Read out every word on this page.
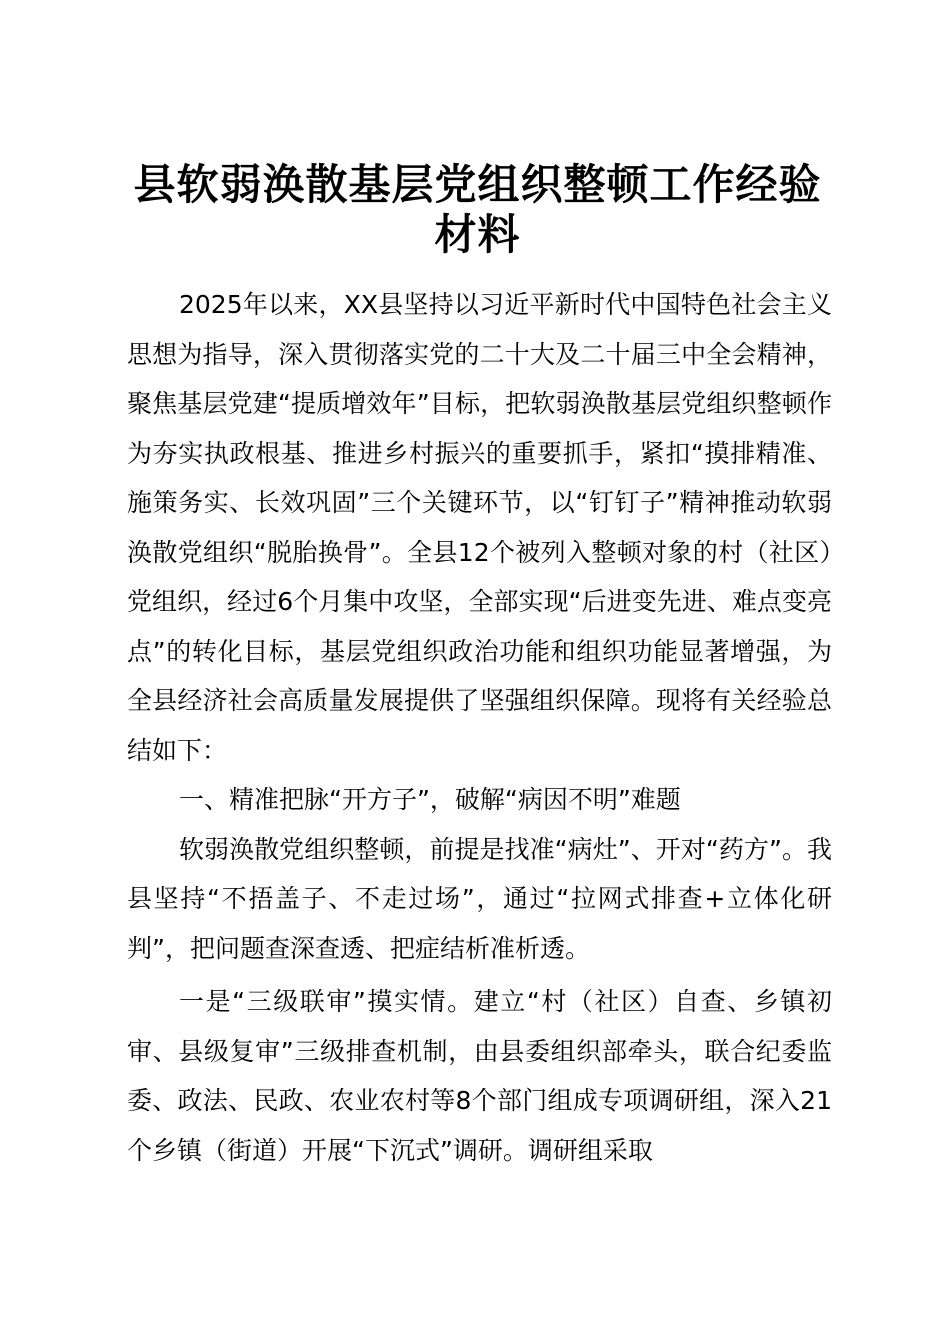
县软弱涣散基层党组织整顿工作经验材料

2025年以来，XX县坚持以习近平新时代中国特色社会主义思想为指导，深入贯彻落实党的二十大及二十届三中全会精神，聚焦基层党建“提质增效年”目标，把软弱涣散基层党组织整顿作为夯实执政根基、推进乡村振兴的重要抓手，紧扣“摸排精准、施策务实、长效巩固”三个关键环节，以“钉钉子”精神推动软弱涣散党组织“脱胎换骨”。全县12个被列入整顿对象的村（社区）党组织，经过6个月集中攻坚，全部实现“后进变先进、难点变亮点”的转化目标，基层党组织政治功能和组织功能显著增强，为全县经济社会高质量发展提供了坚强组织保障。现将有关经验总结如下：

一、精准把脉“开方子”，破解“病因不明”难题

软弱涣散党组织整顿，前提是找准“病灶”、开对“药方”。我县坚持“不捂盖子、不走过场”，通过“拉网式排查+立体化研判”，把问题查深查透、把症结析准析透。

一是“三级联审”摸实情。建立“村（社区）自查、乡镇初审、县级复审”三级排查机制，由县委组织部牵头，联合纪委监委、政法、民政、农业农村等8个部门组成专项调研组，深入21个乡镇（街道）开展“下沉式”调研。调研组采取
